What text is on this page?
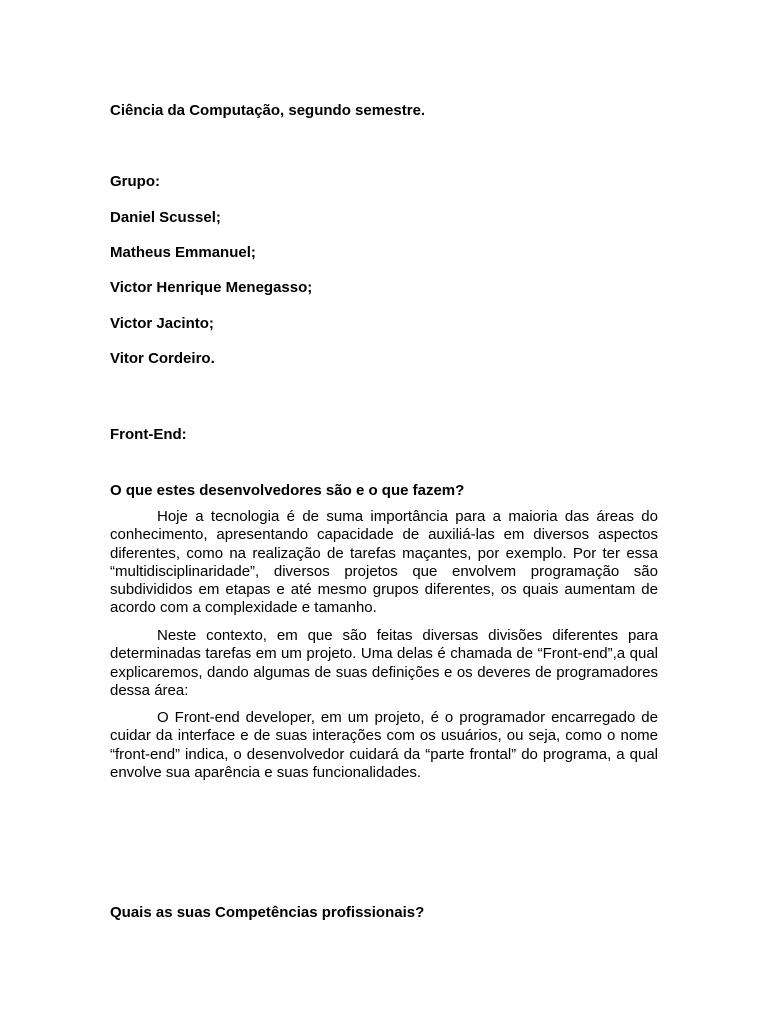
Ciência da Computação, segundo semestre.
Grupo:
Daniel Scussel;
Matheus Emmanuel;
Victor Henrique Menegasso;
Victor Jacinto;
Vitor Cordeiro.
Front-End:
O que estes desenvolvedores são e o que fazem?

Hoje a tecnologia é de suma importância para a maioria das áreas do conhecimento, apresentando capacidade de auxiliá-las em diversos aspectos diferentes, como na realização de tarefas maçantes, por exemplo. Por ter essa “multidisciplinaridade”, diversos projetos que envolvem programação são subdivididos em etapas e até mesmo grupos diferentes, os quais aumentam de acordo com a complexidade e tamanho.

Neste contexto, em que são feitas diversas divisões diferentes para determinadas tarefas em um projeto. Uma delas é chamada de “Front-end”,a qual explicaremos, dando algumas de suas definições e os deveres de programadores dessa área:

O Front-end developer, em um projeto, é o programador encarregado de cuidar da interface e de suas interações com os usuários, ou seja, como o nome “front-end” indica, o desenvolvedor cuidará da “parte frontal” do programa, a qual envolve sua aparência e suas funcionalidades.

Quais as suas Competências profissionais?
